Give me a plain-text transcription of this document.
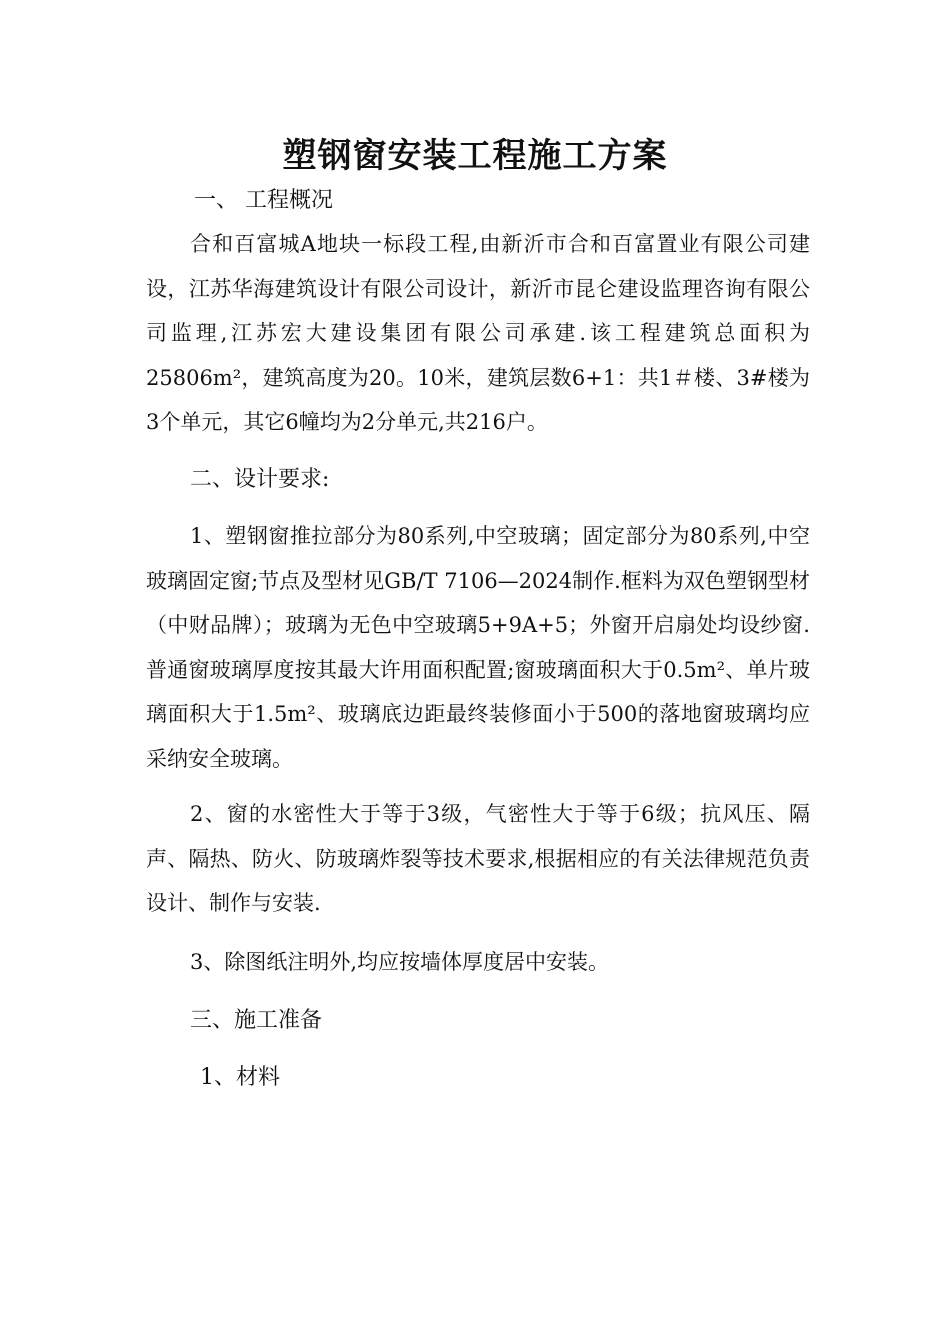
塑钢窗安装工程施工方案

一、 工程概况

合和百富城A地块一标段工程,由新沂市合和百富置业有限公司建设，江苏华海建筑设计有限公司设计，新沂市昆仑建设监理咨询有限公司监理,江苏宏大建设集团有限公司承建.该工程建筑总面积为25806m²，建筑高度为20。10米，建筑层数6+1：共1＃楼、3#楼为3个单元，其它6幢均为2分单元,共216户。

二、设计要求:

1、塑钢窗推拉部分为80系列,中空玻璃；固定部分为80系列,中空玻璃固定窗;节点及型材见GB/T 7106—2024制作.框料为双色塑钢型材（中财品牌）；玻璃为无色中空玻璃5+9A+5；外窗开启扇处均设纱窗.普通窗玻璃厚度按其最大许用面积配置;窗玻璃面积大于0.5m²、单片玻璃面积大于1.5m²、玻璃底边距最终装修面小于500的落地窗玻璃均应采纳安全玻璃。

2、窗的水密性大于等于3级，气密性大于等于6级；抗风压、隔声、隔热、防火、防玻璃炸裂等技术要求,根据相应的有关法律规范负责设计、制作与安装.

3、除图纸注明外,均应按墙体厚度居中安装。

三、施工准备

1、材料
